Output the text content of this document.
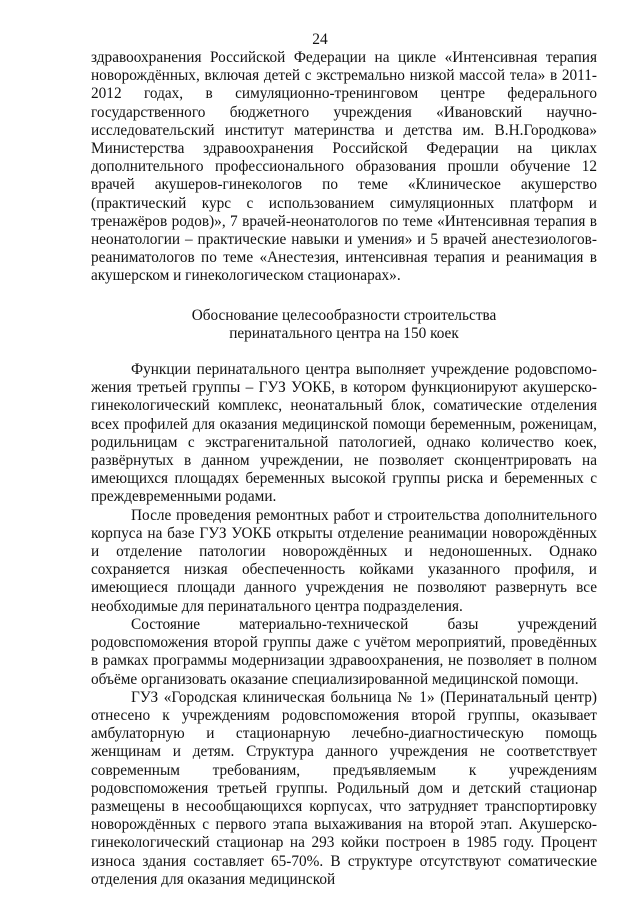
24

здравоохранения Российской Федерации на цикле «Интенсивная терапия новорождённых, включая детей с экстремально низкой массой тела» в 2011-2012 годах, в симуляционно-тренинговом центре федерального государственного бюджетного учреждения «Ивановский научно-исследовательский институт материнства и детства им. В.Н.Городкова» Министерства здравоохранения Российской Федерации на циклах дополнительного профессионального образования прошли обучение 12 врачей акушеров-гинекологов по теме «Клиническое акушерство (практический курс с использованием симуляционных платформ и тренажёров родов)», 7 врачей-неонатологов по теме «Интенсивная терапия в неонатологии – практические навыки и умения» и 5 врачей анестезиологов-реаниматологов по теме «Анестезия, интенсивная терапия и реанимация в акушерском и гинекологическом стационарах».

Обоснование целесообразности строительства

перинатального центра на 150 коек

Функции перинатального центра выполняет учреждение родовспоможения третьей группы – ГУЗ УОКБ, в котором функционируют акушерско-гинекологический комплекс, неонатальный блок, соматические отделения всех профилей для оказания медицинской помощи беременным, роженицам, родильницам с экстрагенитальной патологией, однако количество коек, развёрнутых в данном учреждении, не позволяет сконцентрировать на имеющихся площадях беременных высокой группы риска и беременных с преждевременными родами.

После проведения ремонтных работ и строительства дополнительного корпуса на базе ГУЗ УОКБ открыты отделение реанимации новорождённых и отделение патологии новорождённых и недоношенных. Однако сохраняется низкая обеспеченность койками указанного профиля, и имеющиеся площади данного учреждения не позволяют развернуть все необходимые для перинатального центра подразделения.

Состояние материально-технической базы учреждений родовспоможения второй группы даже с учётом мероприятий, проведённых в рамках программы модернизации здравоохранения, не позволяет в полном объёме организовать оказание специализированной медицинской помощи.

ГУЗ «Городская клиническая больница № 1» (Перинатальный центр) отнесено к учреждениям родовспоможения второй группы, оказывает амбулаторную и стационарную лечебно-диагностическую помощь женщинам и детям. Структура данного учреждения не соответствует современным требованиям, предъявляемым к учреждениям родовспоможения третьей группы. Родильный дом и детский стационар размещены в несообщающихся корпусах, что затрудняет транспортировку новорождённых с первого этапа выхаживания на второй этап. Акушерско-гинекологический стационар на 293 койки построен в 1985 году. Процент износа здания составляет 65-70%. В структуре отсутствуют соматические отделения для оказания медицинской
